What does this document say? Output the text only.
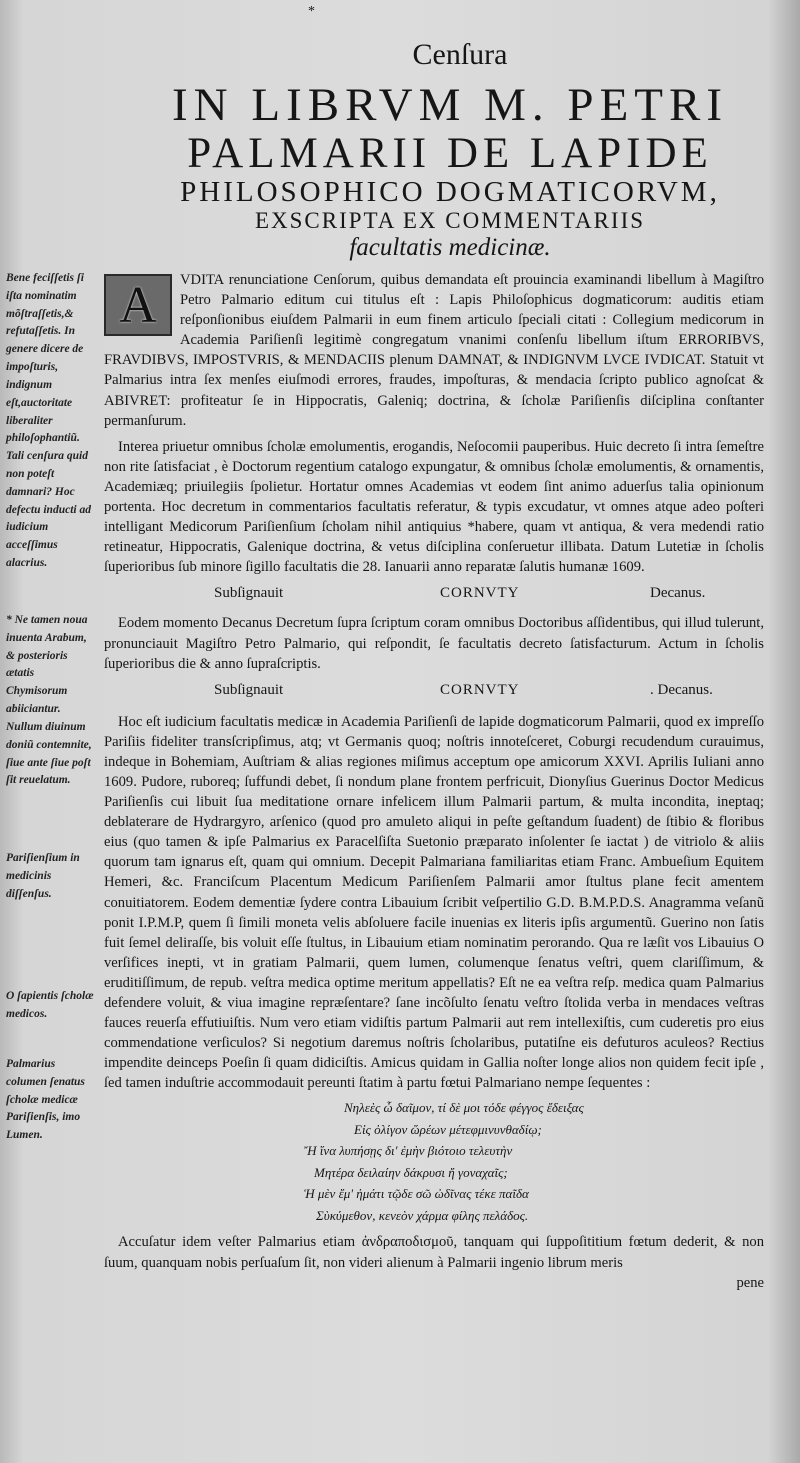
*
Cenſura
IN LIBRVM M. PETRI
PALMARII DE LAPIDE
PHILOSOPHICO DOGMATICORVM,
EXSCRIPTA EX COMMENTARIIS
facultatis medicinæ.
Bene feciſſetis ſi iſta nominatim mõſtraſſetis,& refutaſſetis. In genere dicere de impoſturis, indignum eſt,auctoritate liberaliter philoſophantiũ. Tali cenſura quid non poteſt damnari? Hoc defectu inducti ad iudicium acceſſimus alacrius.
* Ne tamen noua inuenta Arabum, & posterioris ætatis Chymisorum abiiciantur. Nullum diuinum doniũ contemnite, ſiue ante ſiue poſt ſit reuelatum.
Pariſienſium in medicinis diſſenſus.
O ſapientis ſcholæ medicos.
Palmarius columen ſenatus ſcholæ medicæ Pariſienſis, imo Lumen.
A	VDITA renunciatione Cenſorum, quibus demandata eſt prouincia examinandi libellum à Magiſtro Petro Palmario editum cui titulus eſt : Lapis Philoſophicus dogmaticorum: auditis etiam reſponſionibus eiuſdem Palmarii in eum finem articulo ſpeciali citati : Collegium medicorum in Academia Pariſienſi legitimè congregatum vnanimi conſenſu libellum iſtum ERRORIBVS, FRAVDIBVS, IMPOSTVRIS, & MENDACIIS plenum DAMNAT, & INDIGNVM LVCE IVDICAT. Statuit vt Palmarius intra ſex menſes eiuſmodi errores, fraudes, impoſturas, & mendacia ſcripto publico agnoſcat & ABIVRET: profiteatur ſe in Hippocratis, Galeniq; doctrina, & ſcholæ Pariſienſis diſciplina conſtanter permanſurum.

Interea priuetur omnibus ſcholæ emolumentis, erogandis, Neſocomii pauperibus. Huic decreto ſi intra ſemeſtre non rite ſatisfaciat , è Doctorum regentium catalogo expungatur, & omnibus ſcholæ emolumentis, & ornamentis, Academiæq; priuilegiis ſpolietur. Hortatur omnes Academias vt eodem ſint animo aduerſus talia opinionum portenta. Hoc decretum in commentarios facultatis referatur, & typis excudatur, vt omnes atque adeo poſteri intelligant Medicorum Pariſienſium ſcholam nihil antiquius *habere, quam vt antiqua, & vera medendi ratio retineatur, Hippocratis, Galenique doctrina, & vetus diſciplina conſeruetur illibata. Datum Lutetiæ in ſcholis ſuperioribus ſub minore ſigillo facultatis die 28. Ianuarii anno reparatæ ſalutis humanæ 1609.

Subſignauit	CORNVTY	Decanus.

Eodem momento Decanus Decretum ſupra ſcriptum coram omnibus Doctoribus aſſidentibus, qui illud tulerunt, pronunciauit Magiſtro Petro Palmario, qui reſpondit, ſe facultatis decreto ſatisfacturum. Actum in ſcholis ſuperioribus die & anno ſupraſcriptis.

Subſignauit	CORNVTY	. Decanus.

Hoc eſt iudicium facultatis medicæ in Academia Pariſienſi de lapide dogmaticorum Palmarii, quod ex impreſſo Pariſiis fideliter transſcripſimus, atq; vt Germanis quoq; noſtris innoteſceret, Coburgi recudendum curauimus, indeque in Bohemiam, Auſtriam & alias regiones miſimus acceptum ope amicorum XXVI. Aprilis Iuliani anno 1609. Pudore, ruboreq; ſuffundi debet, ſi nondum plane frontem perfricuit, Dionyſius Guerinus Doctor Medicus Pariſienſis cui libuit ſua meditatione ornare infelicem illum Palmarii partum, & multa incondita, ineptaq; deblaterare de Hydrargyro, arſenico (quod pro amuleto aliqui in peſte geſtandum ſuadent) de ſtibio & floribus eius (quo tamen & ipſe Palmarius ex Paracelſiſta Suetonio præparato inſolenter ſe iactat ) de vitriolo & aliis quorum tam ignarus eſt, quam qui omnium. Decepit Palmariana familiaritas etiam Franc. Ambueſium Equitem Hemeri, &c. Franciſcum Placentum Medicum Pariſienſem Palmarii amor ſtultus plane fecit amentem conuitiatorem. Eodem dementiæ ſydere contra Libauium ſcribit veſpertilio G.D. B.M.P.D.S. Anagramma veſanũ ponit I.P.M.P, quem ſi ſimili moneta velis abſoluere facile inuenias ex literis ipſis argumentũ. Guerino non ſatis fuit ſemel deliraſſe, bis voluit eſſe ſtultus, in Libauium etiam nominatim perorando. Qua re læſit vos Libauius O verſifices inepti, vt in gratiam Palmarii, quem lumen, columenque ſenatus veſtri, quem clariſſimum, & eruditiſſimum, de repub. veſtra medica optime meritum appellatis? Eſt ne ea veſtra reſp. medica quam Palmarius defendere voluit, & viua imagine repræſentare? ſane incõſulto ſenatu veſtro ſtolida verba in mendaces veſtras fauces reuerſa effutiuiſtis. Num vero etiam vidiſtis partum Palmarii aut rem intellexiſtis, cum cuderetis pro eius commendatione verſiculos? Si negotium daremus noſtris ſcholaribus, putatiſne eis defuturos aculeos? Rectius impendite deinceps Poeſin ſi quam didiciſtis. Amicus quidam in Gallia noſter longe alios non quidem fecit ipſe , ſed tamen induſtrie accommodauit pereunti ſtatim à partu fœtui Palmariano nempe ſequentes :

Νηλεὲς ὦ δαῖμον, τί δὲ μοι τόδε φέγγος ἔδειξας
Εἰς ὀλίγον ὥρέων μέτεφμινυνθαδίῳ;
Ἤ ἵνα λυπήσῃς δι' ἐμὴν βιότοιο τελευτὴν
Μητέρα δειλαίην δάκρυσι ἤ γοναχαῖς;
Ἡ μὲν ἔμ' ἡμάτι τῷδε σῶ ὠδῖνας τέκε παῖδα
Σὺκύμεθον, κενεὸν χάρμα φίλης πελάδος.

Accuſatur idem veſter Palmarius etiam ἀνδραποδισμοῦ, tanquam qui ſuppoſititium fœtum dederit, & non ſuum, quanquam nobis perſuaſum ſit, non videri alienum à Palmarii ingenio librum meris

pene
